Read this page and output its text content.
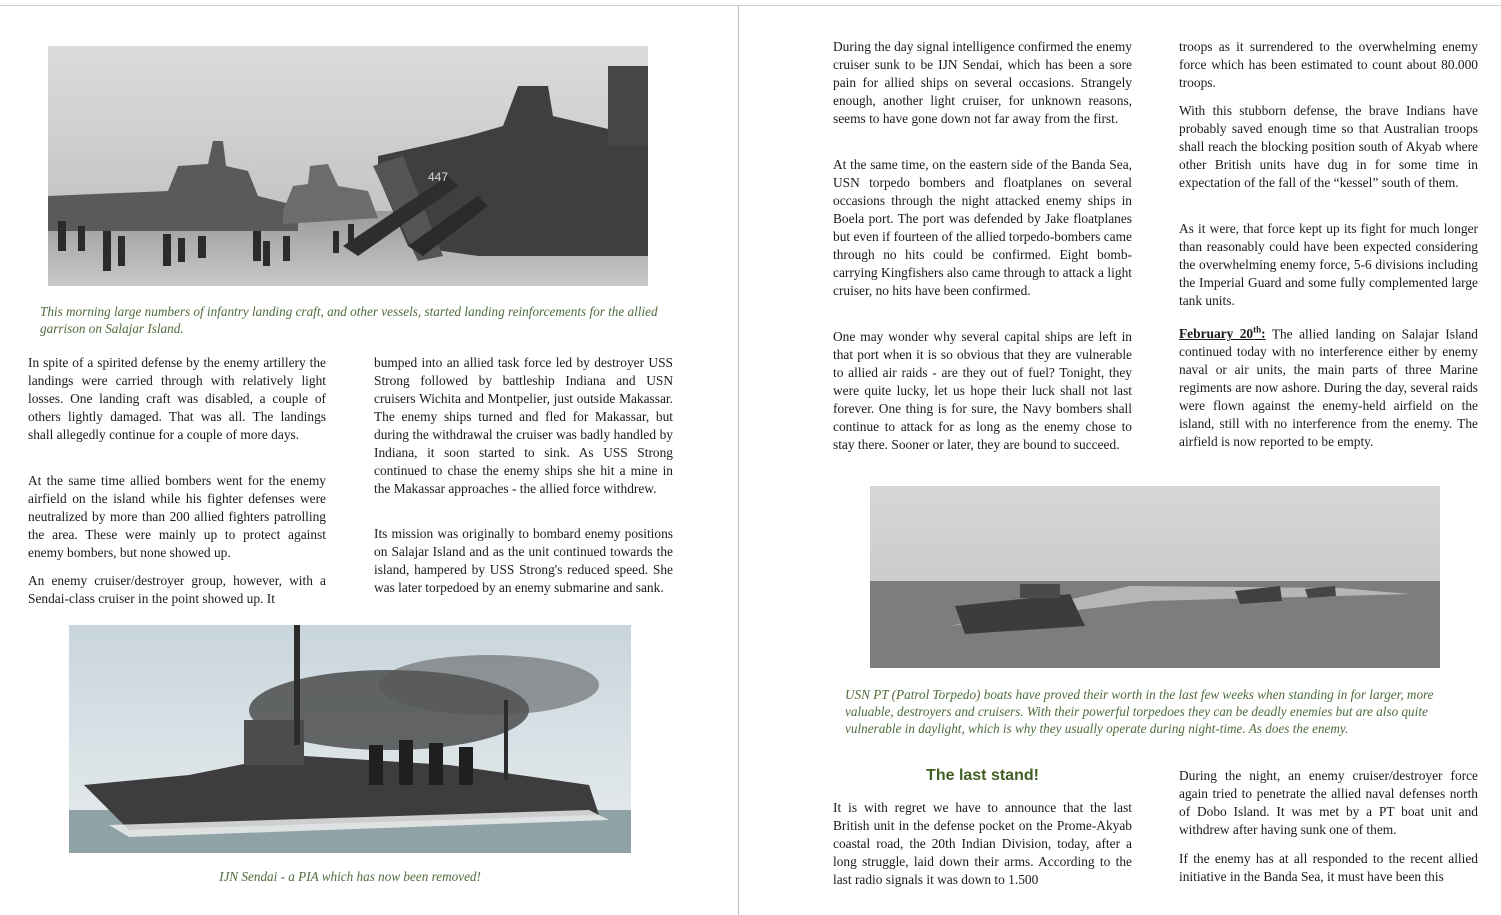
447

This morning large numbers of infantry landing craft, and other vessels, started landing reinforcements for the allied garrison on Salajar Island.

In spite of a spirited defense by the enemy artillery the landings were carried through with relatively light losses. One landing craft was disabled, a couple of others lightly damaged. That was all. The landings shall allegedly continue for a couple of more days.

At the same time allied bombers went for the enemy airfield on the island while his fighter defenses were neutralized by more than 200 allied fighters patrolling the area. These were mainly up to protect against enemy bombers, but none showed up.

An enemy cruiser/destroyer group, however, with a Sendai-class cruiser in the point showed up. It

bumped into an allied task force led by destroyer USS Strong followed by battleship Indiana and USN cruisers Wichita and Montpelier, just outside Makassar. The enemy ships turned and fled for Makassar, but during the withdrawal the cruiser was badly handled by Indiana, it soon started to sink. As USS Strong continued to chase the enemy ships she hit a mine in the Makassar approaches - the allied force withdrew.

Its mission was originally to bombard enemy positions on Salajar Island and as the unit continued towards the island, hampered by USS Strong's reduced speed. She was later torpedoed by an enemy submarine and sank.

IJN Sendai - a PIA which has now been removed!

During the day signal intelligence confirmed the enemy cruiser sunk to be IJN Sendai, which has been a sore pain for allied ships on several occasions. Strangely enough, another light cruiser, for unknown reasons, seems to have gone down not far away from the first.

At the same time, on the eastern side of the Banda Sea, USN torpedo bombers and floatplanes on several occasions through the night attacked enemy ships in Boela port. The port was defended by Jake floatplanes but even if fourteen of the allied torpedo-bombers came through no hits could be confirmed. Eight bomb-carrying Kingfishers also came through to attack a light cruiser, no hits have been confirmed.

One may wonder why several capital ships are left in that port when it is so obvious that they are vulnerable to allied air raids - are they out of fuel? Tonight, they were quite lucky, let us hope their luck shall not last forever. One thing is for sure, the Navy bombers shall continue to attack for as long as the enemy chose to stay there. Sooner or later, they are bound to succeed.

troops as it surrendered to the overwhelming enemy force which has been estimated to count about 80.000 troops.

With this stubborn defense, the brave Indians have probably saved enough time so that Australian troops shall reach the blocking position south of Akyab where other British units have dug in for some time in expectation of the fall of the “kessel” south of them.

As it were, that force kept up its fight for much longer than reasonably could have been expected considering the overwhelming enemy force, 5-6 divisions including the Imperial Guard and some fully complemented large tank units.

February 20th: The allied landing on Salajar Island continued today with no interference either by enemy naval or air units, the main parts of three Marine regiments are now ashore. During the day, several raids were flown against the enemy-held airfield on the island, still with no interference from the enemy. The airfield is now reported to be empty.

USN PT (Patrol Torpedo) boats have proved their worth in the last few weeks when standing in for larger, more valuable, destroyers and cruisers. With their powerful torpedoes they can be deadly enemies but are also quite vulnerable in daylight, which is why they usually operate during night-time. As does the enemy.

The last stand!

It is with regret we have to announce that the last British unit in the defense pocket on the Prome-Akyab coastal road, the 20th Indian Division, today, after a long struggle, laid down their arms. According to the last radio signals it was down to 1.500

During the night, an enemy cruiser/destroyer force again tried to penetrate the allied naval defenses north of Dobo Island. It was met by a PT boat unit and withdrew after having sunk one of them.

If the enemy has at all responded to the recent allied initiative in the Banda Sea, it must have been this
